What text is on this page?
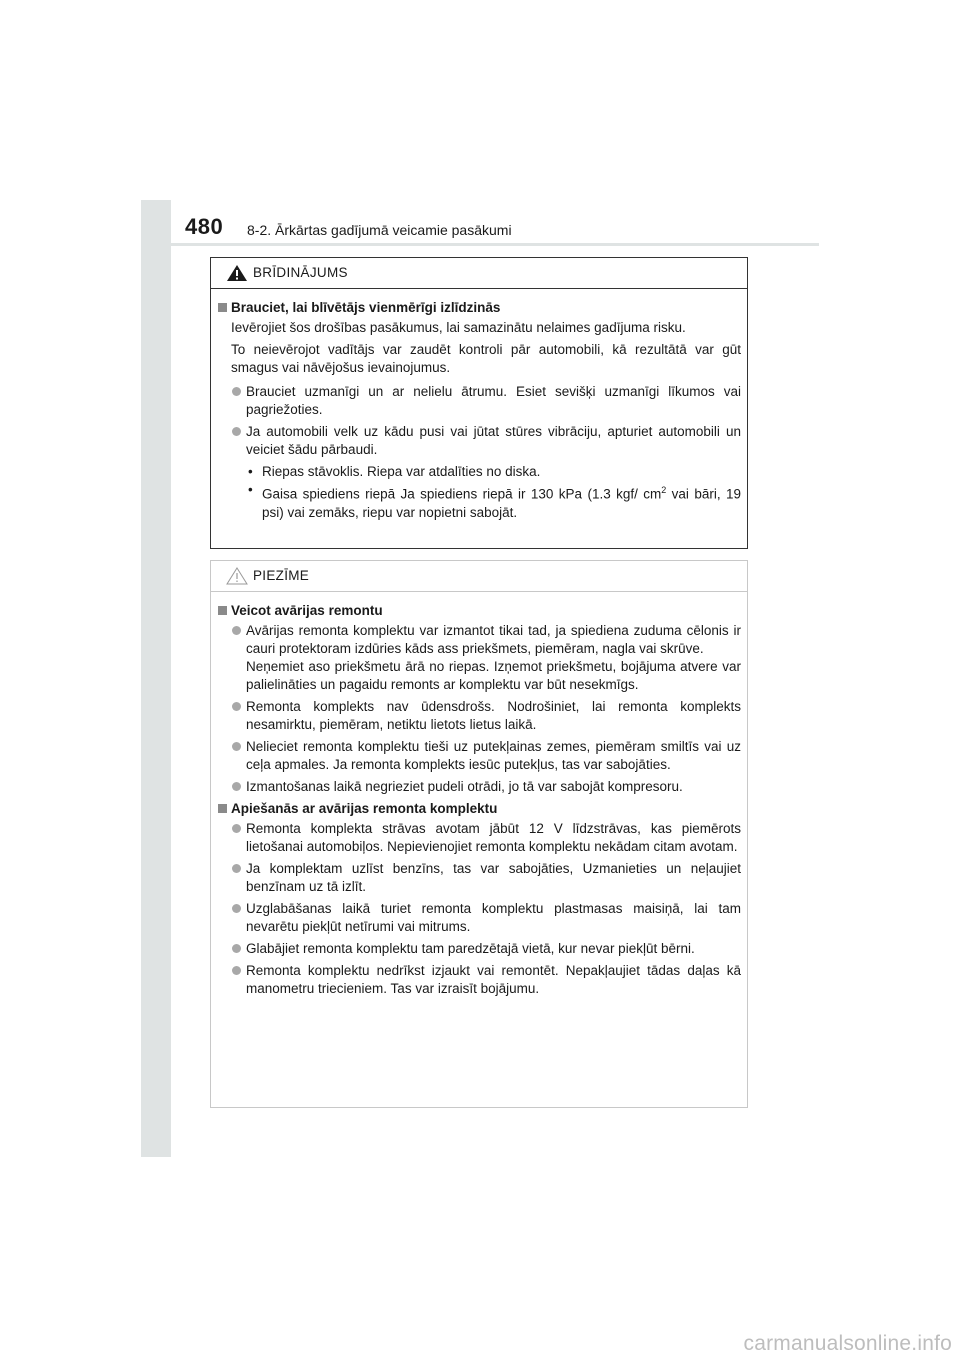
480 8-2. Ārkārtas gadījumā veicamie pasākumi
BRĪDINĀJUMS
Brauciet, lai blīvētājs vienmērīgi izlīdzinās

Ievērojiet šos drošības pasākumus, lai samazinātu nelaimes gadījuma risku.

To neievērojot vadītājs var zaudēt kontroli pār automobili, kā rezultātā var gūt smagus vai nāvējošus ievainojumus.

Brauciet uzmanīgi un ar nelielu ātrumu. Esiet sevišķi uzmanīgi līkumos vai pagriežoties.
Ja automobili velk uz kādu pusi vai jūtat stūres vibrāciju, apturiet automobili un veiciet šādu pārbaudi.
• Riepas stāvoklis. Riepa var atdalīties no diska.
• Gaisa spiediens riepā Ja spiediens riepā ir 130 kPa (1.3 kgf/ $cm^2$ vai bāri, 19 psi) vai zemāks, riepu var nopietni sabojāt.
PIEZĪME
Veicot avārijas remontu

Avārijas remonta komplektu var izmantot tikai tad, ja spiediena zuduma cēlonis ir cauri protektoram izdūries kāds ass priekšmets, piemēram, nagla vai skrūve.

Neņemiet aso priekšmetu ārā no riepas. Izņemot priekšmetu, bojājuma atvere var palielināties un pagaidu remonts ar komplektu var būt nesekmīgs.

Remonta komplekts nav ūdensdrošs. Nodrošiniet, lai remonta komplekts nesamirktu, piemēram, netiktu lietots lietus laikā.
Nelieciet remonta komplektu tieši uz putekļainas zemes, piemēram smiltīs vai uz ceļa apmales. Ja remonta komplekts iesūc putekļus, tas var sabojāties.
Izmantošanas laikā negrieziet pudeli otrādi, jo tā var sabojāt kompresoru.
Apiešanās ar avārijas remonta komplektu
Remonta komplekta strāvas avotam jābūt 12 V līdzstrāvas, kas piemērots lietošanai automobiļos. Nepievienojiet remonta komplektu nekādam citam avotam.
Ja komplektam uzlīst benzīns, tas var sabojāties, Uzmanieties un neļaujiet benzīnam uz tā izlīt.
Uzglabāšanas laikā turiet remonta komplektu plastmasas maisiņā, lai tam nevarētu piekļūt netīrumi vai mitrums.
Glabājiet remonta komplektu tam paredzētajā vietā, kur nevar piekļūt bērni.
Remonta komplektu nedrīkst izjaukt vai remontēt. Nepakļaujiet tādas daļas kā manometru triecieniem. Tas var izraisīt bojājumu.
carmanualsonline.info
